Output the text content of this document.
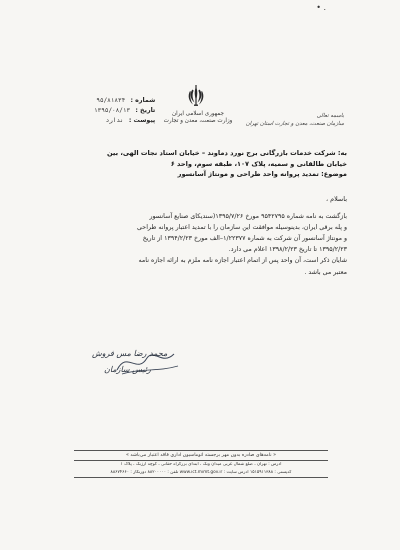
• .
شماره : ۹۵/۸۱۸۳۴
تاریخ : ۱۳۹۵/۰۸/۱۳
پیوست : ندارد
جمهوری اسلامی ایران
وزارت صنعت، معدن و تجارت
باسمه تعالی
سازمان صنعت، معدن و تجارت استان تهران
به: شرکت خدمات بازرگانی برج نورد دماوند – خیابان استاد نجات الهی، بین
خیابان طالقانی و سمیه، پلاک ۱۰۷، طبقه سوم، واحد ۶
موضوع: تمدید پروانه واحد طراحی و مونتاژ آسانسور
باسلام ،

بازگشت به نامه شماره ۹۵۴۲۷۹۵ مورخ ۱۳۹۵/۷/۲۶(سندیکای صنایع آسانسور

و پله برقی ایران، بدینوسیله موافقت این سازمان را با تمدید اعتبار پروانه طراحی

و مونتاژ آسانسور آن شرکت به شماره ۱/۲۲۳۷۷–الف مورخ ۱۳۹۴/۲/۲۳ از تاریخ

۱۳۹۵/۲/۲۳ تا تاریخ ۱۳۹۸/۲/۲۳ اعلام می دارد.

شایان ذکر است، آن واحد پس از اتمام اعتبار اجازه نامه ملزم به ارائه اجازه نامه

معتبر می باشد .

محمد رضا مس فروش
رئیس سازمان
« نامه‌های صادره بدون مهر برجسته اتوماسیون اداری فاقد اعتبار می‌باشد »
آدرس : تهران ، ضلع شمال غربی میدان ونک ، ابتدای بزرگراه حقانی ، کوچه ارژنگ ، پلاک ۱
کدپستی : ۱۵۱۵۹۱۱۳۸۸ آدرس سایت : www.ict.mimt.gov.ir تلفن : ۸۸۲۰۰۰۰۰ دورنگار : ۸۸۶۷۴۶۶۰
